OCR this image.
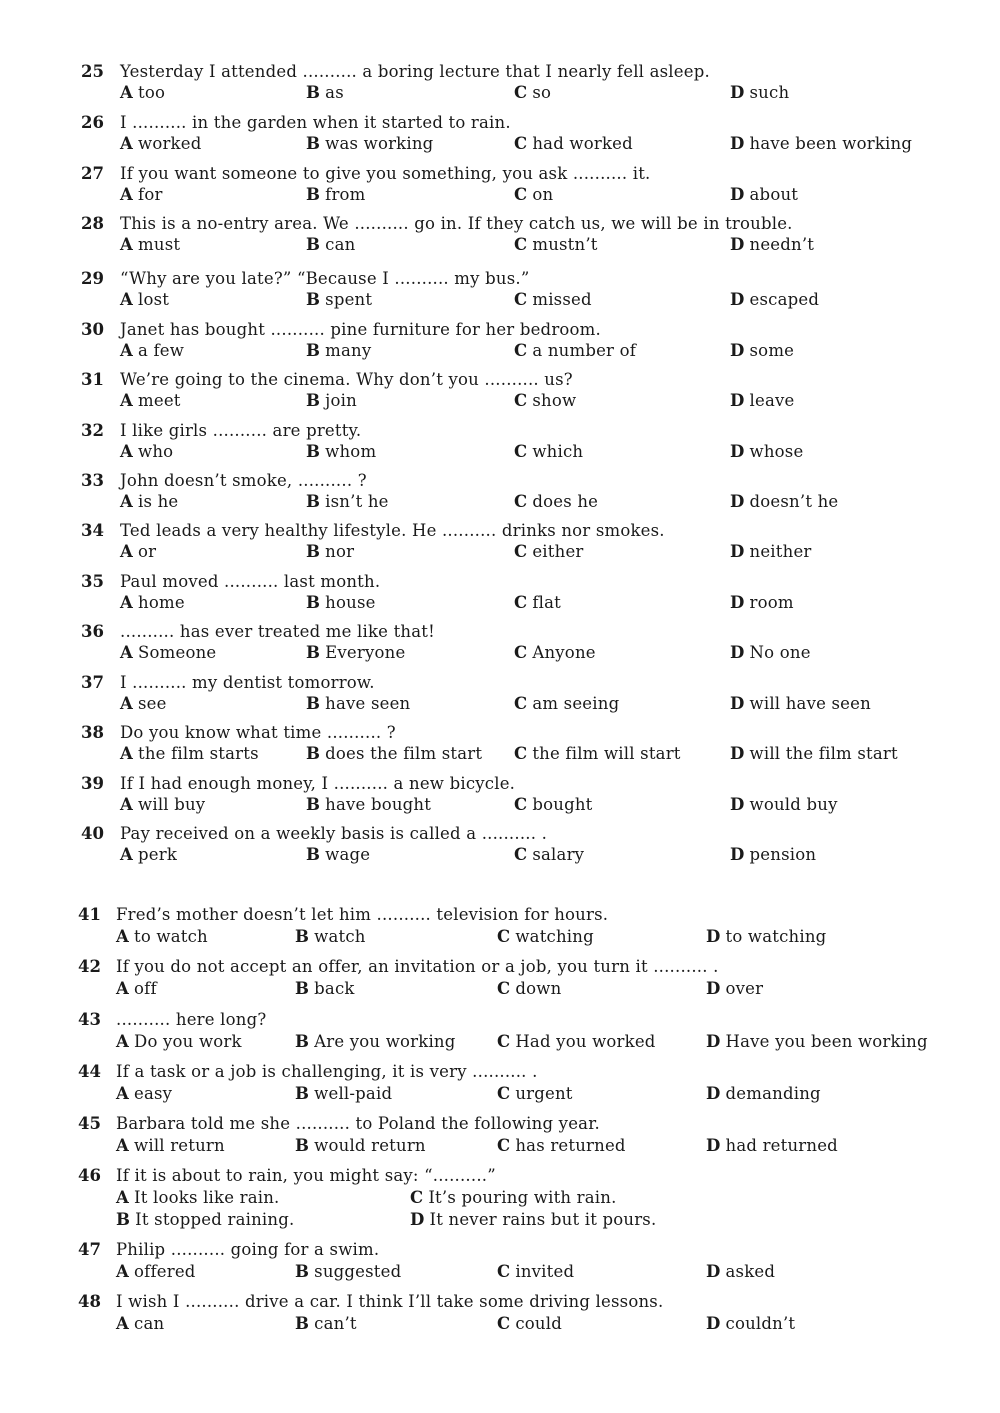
25 Yesterday I attended .......... a boring lecture that I nearly fell asleep.
A too	B as	C so	D such
26 I .......... in the garden when it started to rain.
A worked	B was working	C had worked	D have been working
27 If you want someone to give you something, you ask .......... it.
A for	B from	C on	D about
28 This is a no-entry area. We .......... go in. If they catch us, we will be in trouble.
A must	B can	C mustn’t	D needn’t
29 “Why are you late?” “Because I .......... my bus.”
A lost	B spent	C missed	D escaped
30 Janet has bought .......... pine furniture for her bedroom.
A a few	B many	C a number of	D some
31 We’re going to the cinema. Why don’t you .......... us?
A meet	B join	C show	D leave
32 I like girls .......... are pretty.
A who	B whom	C which	D whose
33 John doesn’t smoke, .......... ?
A is he	B isn’t he	C does he	D doesn’t he
34 Ted leads a very healthy lifestyle. He .......... drinks nor smokes.
A or	B nor	C either	D neither
35 Paul moved .......... last month.
A home	B house	C flat	D room
36 .......... has ever treated me like that!
A Someone	B Everyone	C Anyone	D No one
37 I .......... my dentist tomorrow.
A see	B have seen	C am seeing	D will have seen
38 Do you know what time .......... ?
A the film starts	B does the film start C the film will start	D will the film start
39 If I had enough money, I .......... a new bicycle.
A will buy	B have bought	C bought	D would buy
40 Pay received on a weekly basis is called a .......... .
A perk	B wage	C salary	D pension
41 Fred’s mother doesn’t let him .......... television for hours.
A to watch	B watch	C watching	D to watching
42 If you do not accept an offer, an invitation or a job, you turn it .......... .
A off	B back	C down	D over
43 .......... here long?
A Do you work	B Are you working	C Had you worked	D Have you been working
44 If a task or a job is challenging, it is very .......... .
A easy	B well-paid	C urgent	D demanding
45 Barbara told me she .......... to Poland the following year.
A will return	B would return	C has returned	D had returned
46 If it is about to rain, you might say: “..........”
A It looks like rain.	C It’s pouring with rain.
B It stopped raining.	D It never rains but it pours.
47 Philip .......... going for a swim.
A offered	B suggested	C invited	D asked
48 I wish I .......... drive a car. I think I’ll take some driving lessons.
A can	B can’t	C could	D couldn’t
